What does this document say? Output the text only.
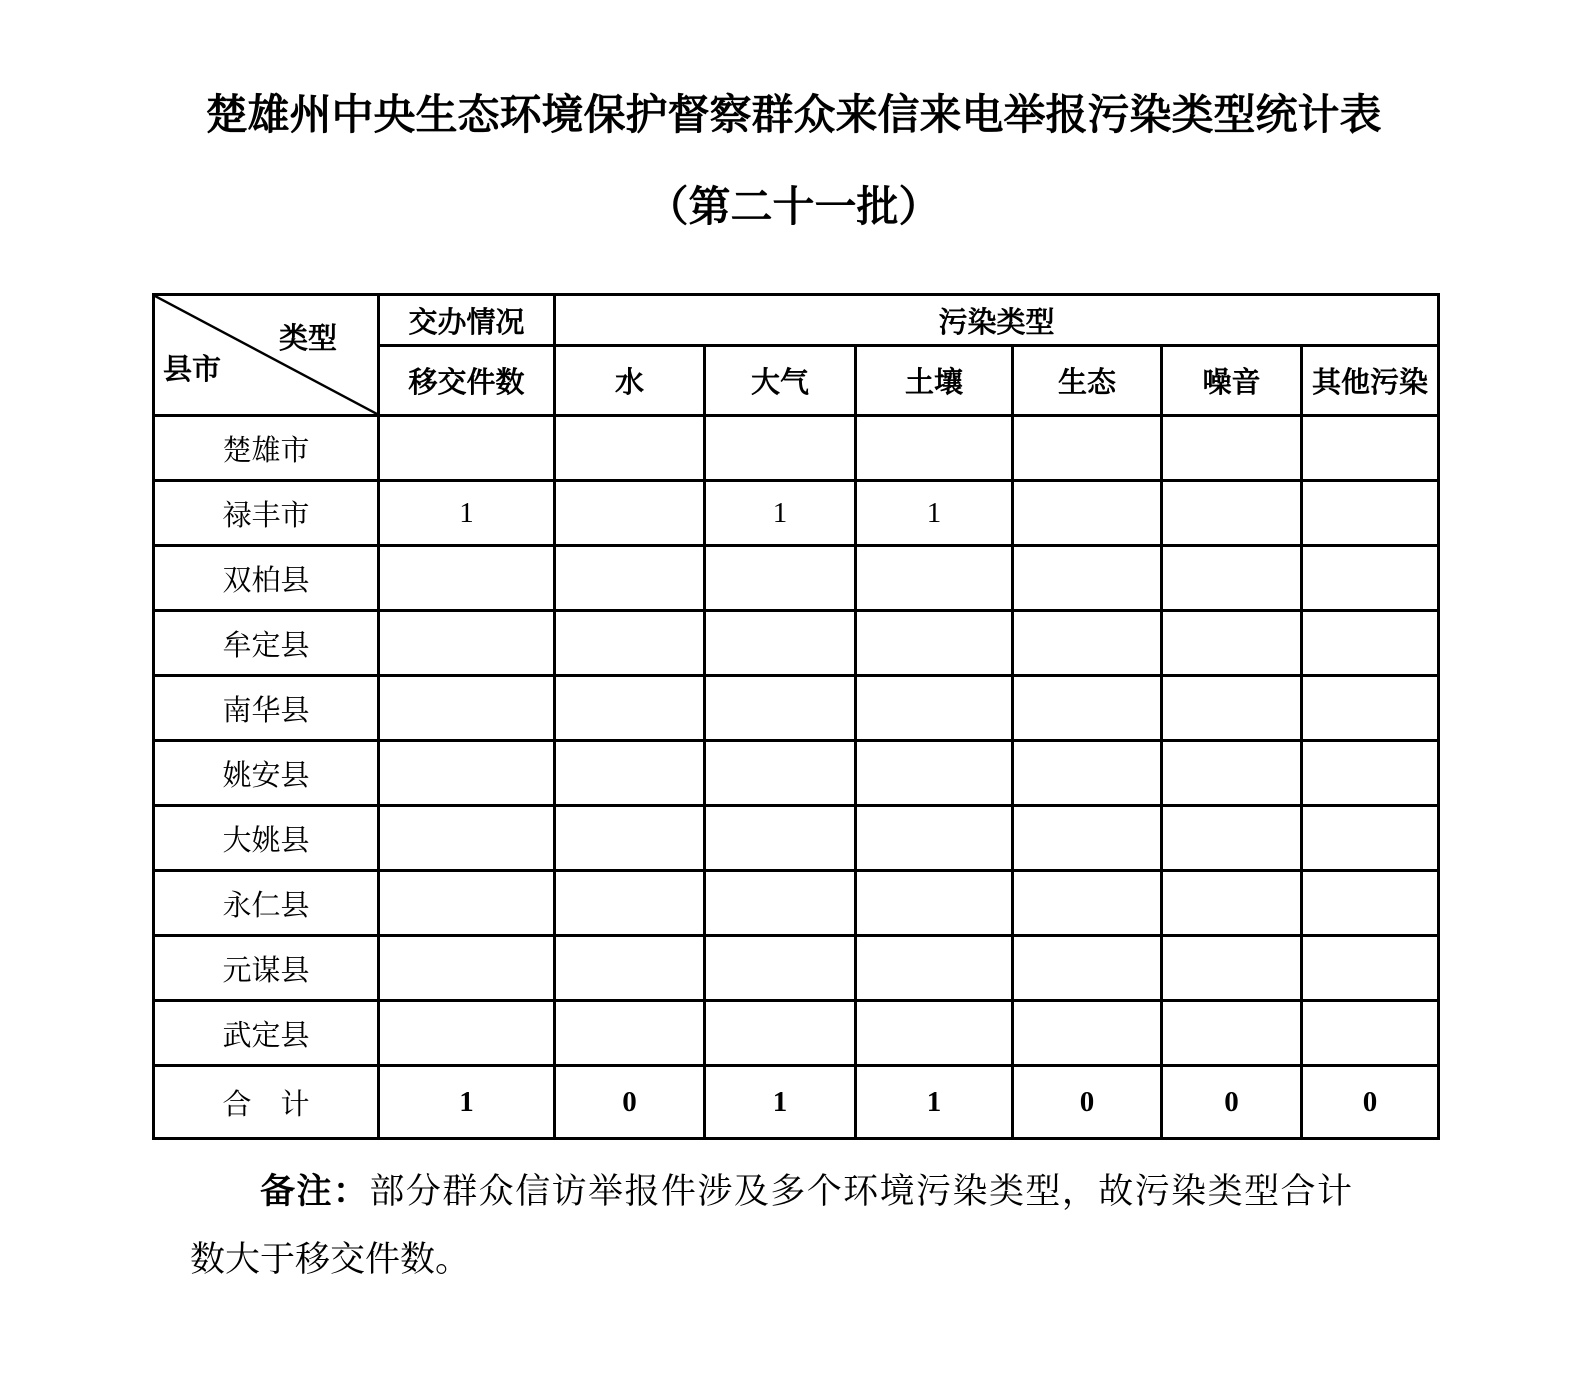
楚雄州中央生态环境保护督察群众来信来电举报污染类型统计表
（第二十一批）
类型
县市	交办情况	污染类型					
	移交件数	水	大气	土壤	生态	噪音	其他污染
楚雄市							
禄丰市	1		1	1			
双柏县							
牟定县							
南华县							
姚安县							
大姚县							
永仁县							
元谋县							
武定县							
合　计	1	0	1	1	0	0	0
备注：部分群众信访举报件涉及多个环境污染类型，故污染类型合计
数大于移交件数。
